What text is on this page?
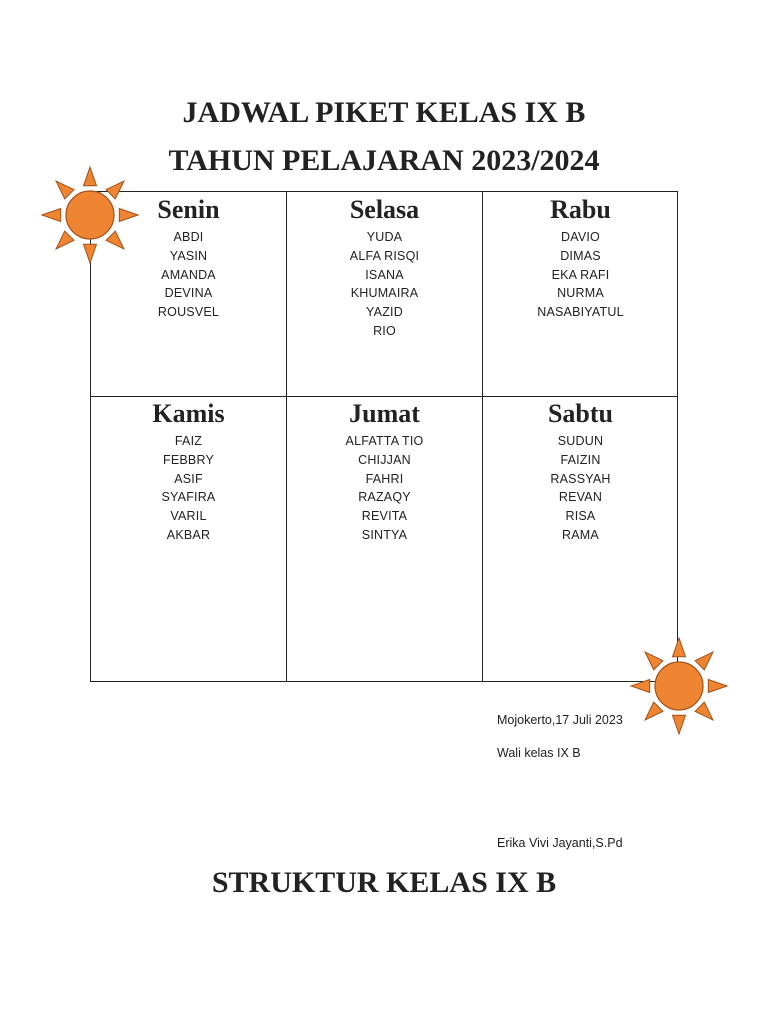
JADWAL PIKET KELAS IX B
TAHUN PELAJARAN 2023/2024
Senin
ABDI
YASIN
AMANDA
DEVINA
ROUSVEL
Selasa
YUDA
ALFA RISQI
ISANA
KHUMAIRA
YAZID
RIO
Rabu
DAVIO
DIMAS
EKA RAFI
NURMA
NASABIYATUL
Kamis
FAIZ
FEBBRY
ASIF
SYAFIRA
VARIL
AKBAR
Jumat
ALFATTA TIO
CHIJJAN
FAHRI
RAZAQY
REVITA
SINTYA
Sabtu
SUDUN
FAIZIN
RASSYAH
REVAN
RISA
RAMA
Mojokerto,17 Juli 2023
Wali kelas IX B
Erika Vivi Jayanti,S.Pd
STRUKTUR KELAS IX B
